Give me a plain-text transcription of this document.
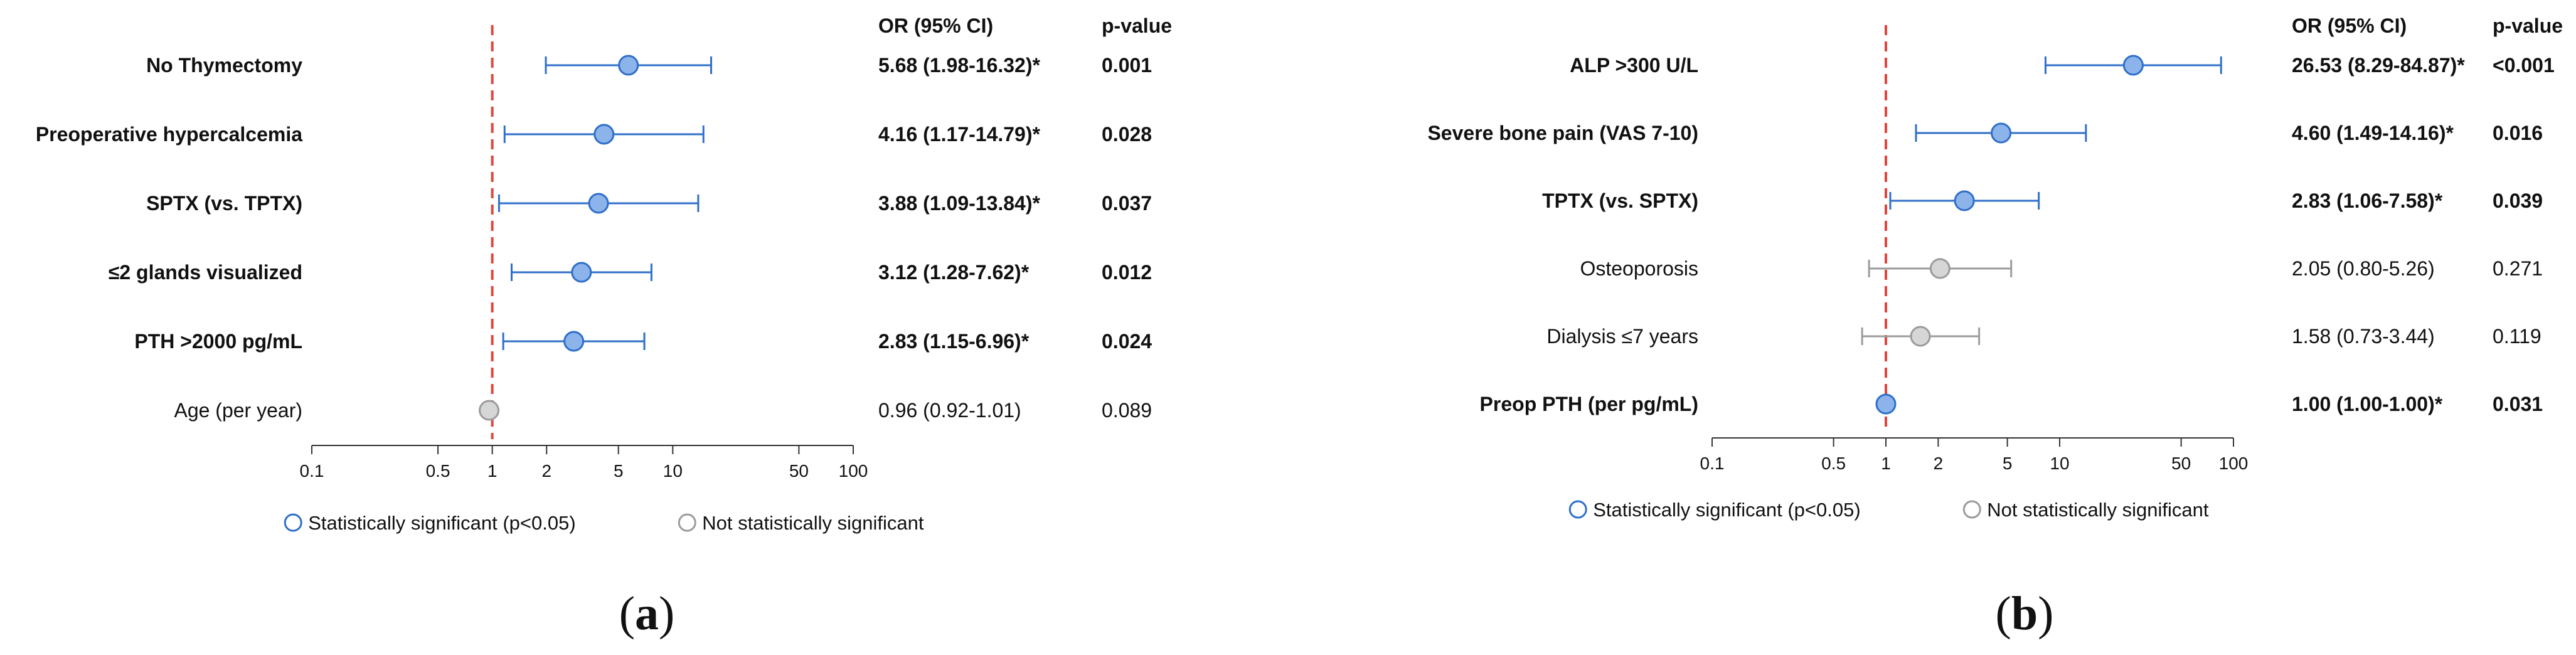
OR (95% CI)	p-value
No Thymectomy	5.68 (1.98-16.32)*	0.001
Preoperative hypercalcemia	4.16 (1.17-14.79)*	0.028
SPTX (vs. TPTX)	3.88 (1.09-13.84)*	0.037
≤2 glands visualized	3.12 (1.28-7.62)*	0.012
PTH >2000 pg/mL	2.83 (1.15-6.96)*	0.024
Age (per year)	0.96 (0.92-1.01)	0.089
0.1	0.5 1	2	5 10	50 100
Statistically significant (p<0.05)	Not statistically significant
(a)
OR (95% CI)	p-value
ALP >300 U/L	26.53 (8.29-84.87)* <0.001
Severe bone pain (VAS 7-10)	4.60 (1.49-14.16)* 0.016
TPTX (vs. SPTX)	2.83 (1.06-7.58)* 0.039
Osteoporosis	2.05 (0.80-5.26)	0.271
Dialysis ≤7 years	1.58 (0.73-3.44)	0.119
Preop PTH (per pg/mL)	1.00 (1.00-1.00)* 0.031
0.1	0.5 1 2	5 10	50 100
Statistically significant (p<0.05)	Not statistically significant
(b)
